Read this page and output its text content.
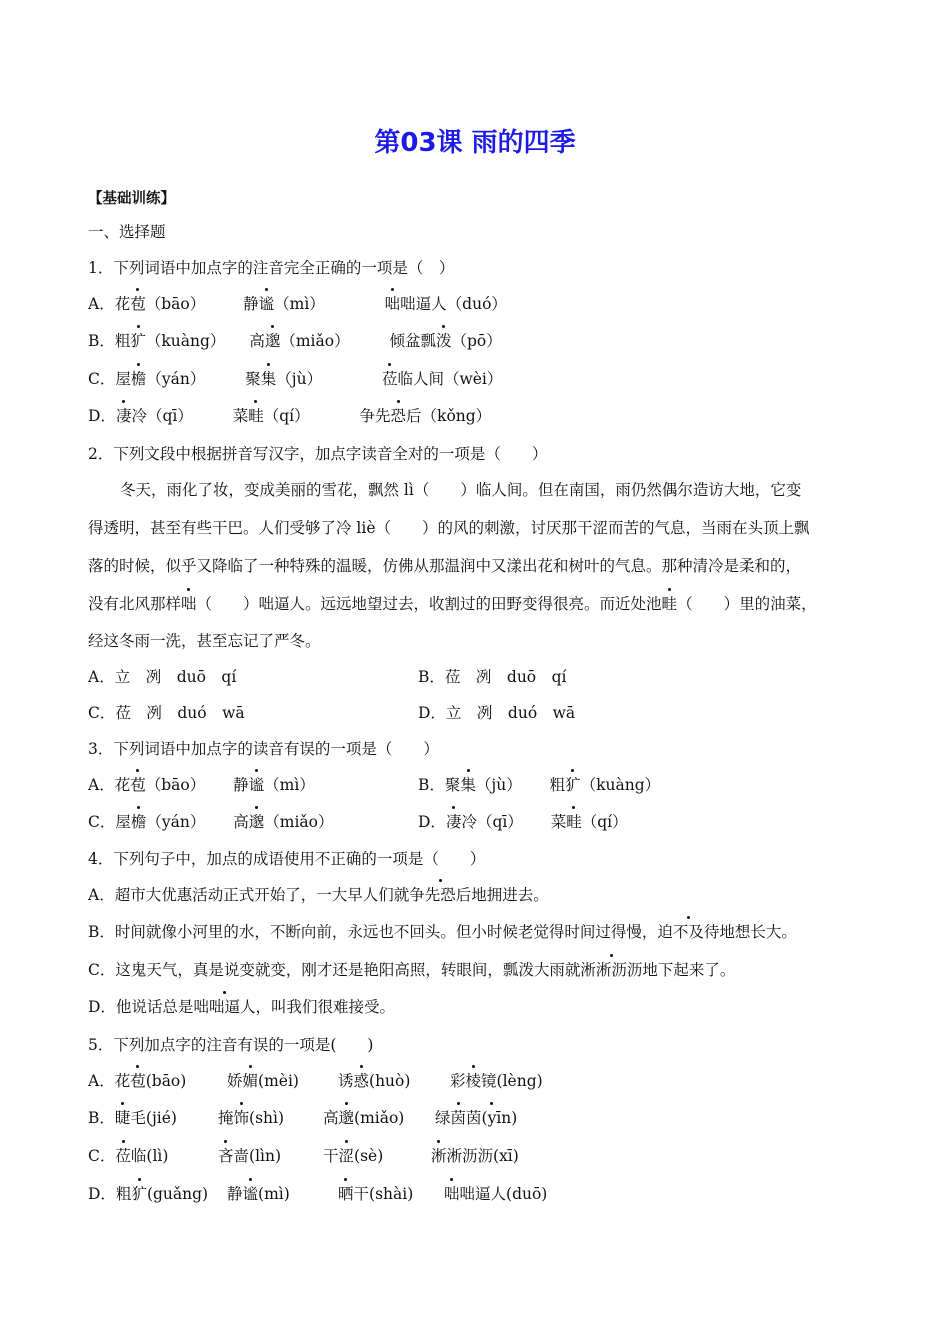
第03课 雨的四季
【基础训练】
一、选择题
1．下列词语中加点字的注音完全正确的一项是（　）
A．花苞（bāo） 静谧（mì）	咄咄逼人（duó）
B．粗犷（kuàng） 高邈（miǎo）	倾盆瓢泼（pō）
C．屋檐（yán）	聚集（jù）	莅临人间（wèi）
D．凄冷（qī）	菜畦（qí）	争先恐后（kǒng）
2．下列文段中根据拼音写汉字，加点字读音全对的一项是（　　）
冬天，雨化了妆，变成美丽的雪花，飘然 lì（　　）临人间。但在南国，雨仍然偶尔造访大地，它变
得透明，甚至有些干巴。人们受够了冷 liè（　　）的风的刺激，讨厌那干涩而苦的气息，当雨在头顶上飘
落的时候，似乎又降临了一种特殊的温暖，仿佛从那温润中又漾出花和树叶的气息。那种清冷是柔和的，
没有北风那样咄（　　）咄逼人。远远地望过去，收割过的田野变得很亮。而近处池畦（　　）里的油菜，
经这冬雨一洗，甚至忘记了严冬。
A．立　冽　duō　qí	B．莅　冽　duō　qí
C．莅　冽　duó　wā	D．立　冽　duó　wā
3．下列词语中加点字的读音有误的一项是（　　）
A．花苞（bāo） 静谧（mì）	B．聚集（jù） 粗犷（kuàng）
C．屋檐（yán） 高邈（miǎo）	D．凄冷（qī） 菜畦（qí）
4．下列句子中，加点的成语使用不正确的一项是（　　）
A．超市大优惠活动正式开始了，一大早人们就争先恐后地拥进去。
B．时间就像小河里的水，不断向前，永远也不回头。但小时候老觉得时间过得慢，迫不及待地想长大。
C．这鬼天气，真是说变就变，刚才还是艳阳高照，转眼间，瓢泼大雨就淅淅沥沥地下起来了。
D．他说话总是咄咄逼人，叫我们很难接受。
5．下列加点字的注音有误的一项是(　　)
A．花苞(bāo)	娇媚(mèi)	诱惑(huò)	彩棱镜(lèng)
B．睫毛(jié)	掩饰(shì)	高邈(miǎo) 绿茵茵(yīn)
C．莅临(lì)	吝啬(lìn)	干涩(sè)	淅淅沥沥(xī)
D．粗犷(guǎng) 静谧(mì)	晒干(shài) 咄咄逼人(duō)
